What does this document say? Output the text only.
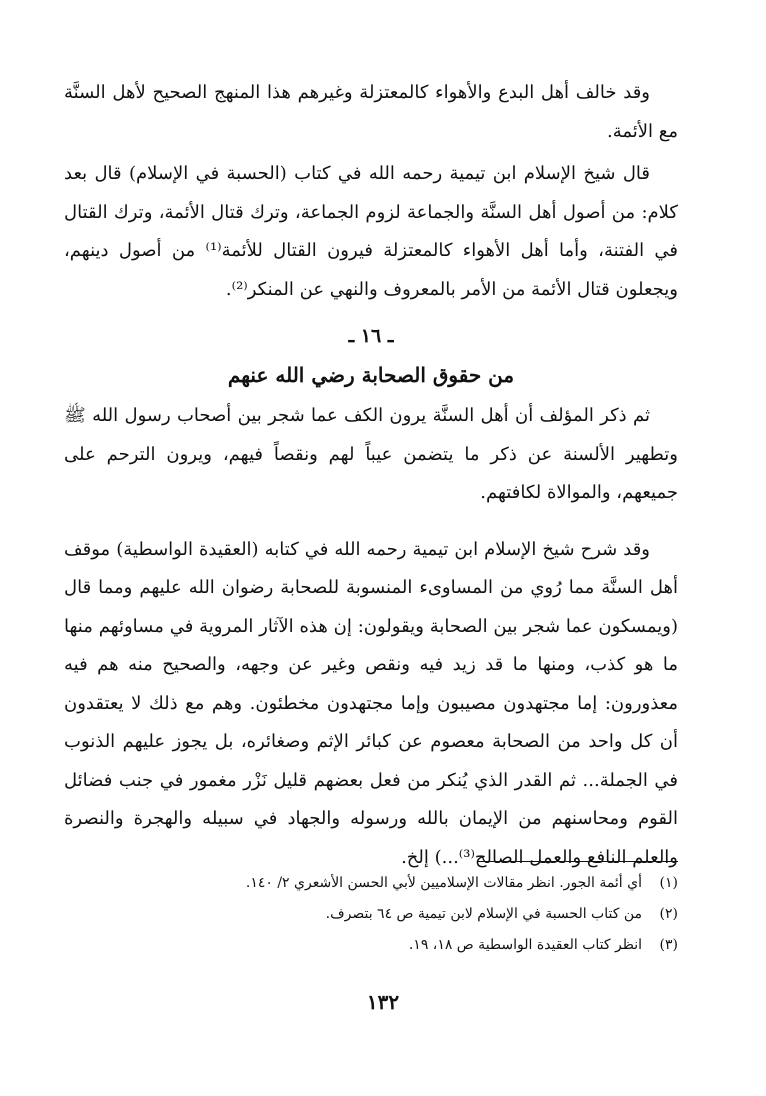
وقد خالف أهل البدع والأهواء كالمعتزلة وغيرهم هذا المنهج الصحيح لأهل السنَّة مع الأئمة.

قال شيخ الإسلام ابن تيمية رحمه الله في كتاب (الحسبة في الإسلام) قال بعد كلام: من أصول أهل السنَّة والجماعة لزوم الجماعة، وترك قتال الأئمة، وترك القتال في الفتنة، وأما أهل الأهواء كالمعتزلة فيرون القتال للأئمة⁽¹⁾ من أصول دينهم، ويجعلون قتال الأئمة من الأمر بالمعروف والنهي عن المنكر⁽²⁾.

ـ ١٦ ـ
من حقوق الصحابة رضي الله عنهم

ثم ذكر المؤلف أن أهل السنَّة يرون الكف عما شجر بين أصحاب رسول الله ﷺ وتطهير الألسنة عن ذكر ما يتضمن عيباً لهم ونقصاً فيهم، ويرون الترحم على جميعهم، والموالاة لكافتهم.

وقد شرح شيخ الإسلام ابن تيمية رحمه الله في كتابه (العقيدة الواسطية) موقف أهل السنَّة مما رُوي من المساوىء المنسوبة للصحابة رضوان الله عليهم ومما قال (ويمسكون عما شجر بين الصحابة ويقولون: إن هذه الآثار المروية في مساوئهم منها ما هو كذب، ومنها ما قد زيد فيه ونقص وغير عن وجهه، والصحيح منه هم فيه معذورون: إما مجتهدون مصيبون وإما مجتهدون مخطئون. وهم مع ذلك لا يعتقدون أن كل واحد من الصحابة معصوم عن كبائر الإثم وصغائره، بل يجوز عليهم الذنوب في الجملة... ثم القدر الذي يُنكر من فعل بعضهم قليل نَزْر مغمور في جنب فضائل القوم ومحاسنهم من الإيمان بالله ورسوله والجهاد في سبيله والهجرة والنصرة والعلم النافع والعمل الصالح⁽³⁾...) إلخ.

(١)
أي أئمة الجور. انظر مقالات الإسلاميين لأبي الحسن الأشعري ٢/ ١٤٠.
(٢)
من كتاب الحسبة في الإسلام لابن تيمية ص ٦٤ بتصرف.
(٣)
انظر كتاب العقيدة الواسطية ص ١٨، ١٩.
١٣٢
